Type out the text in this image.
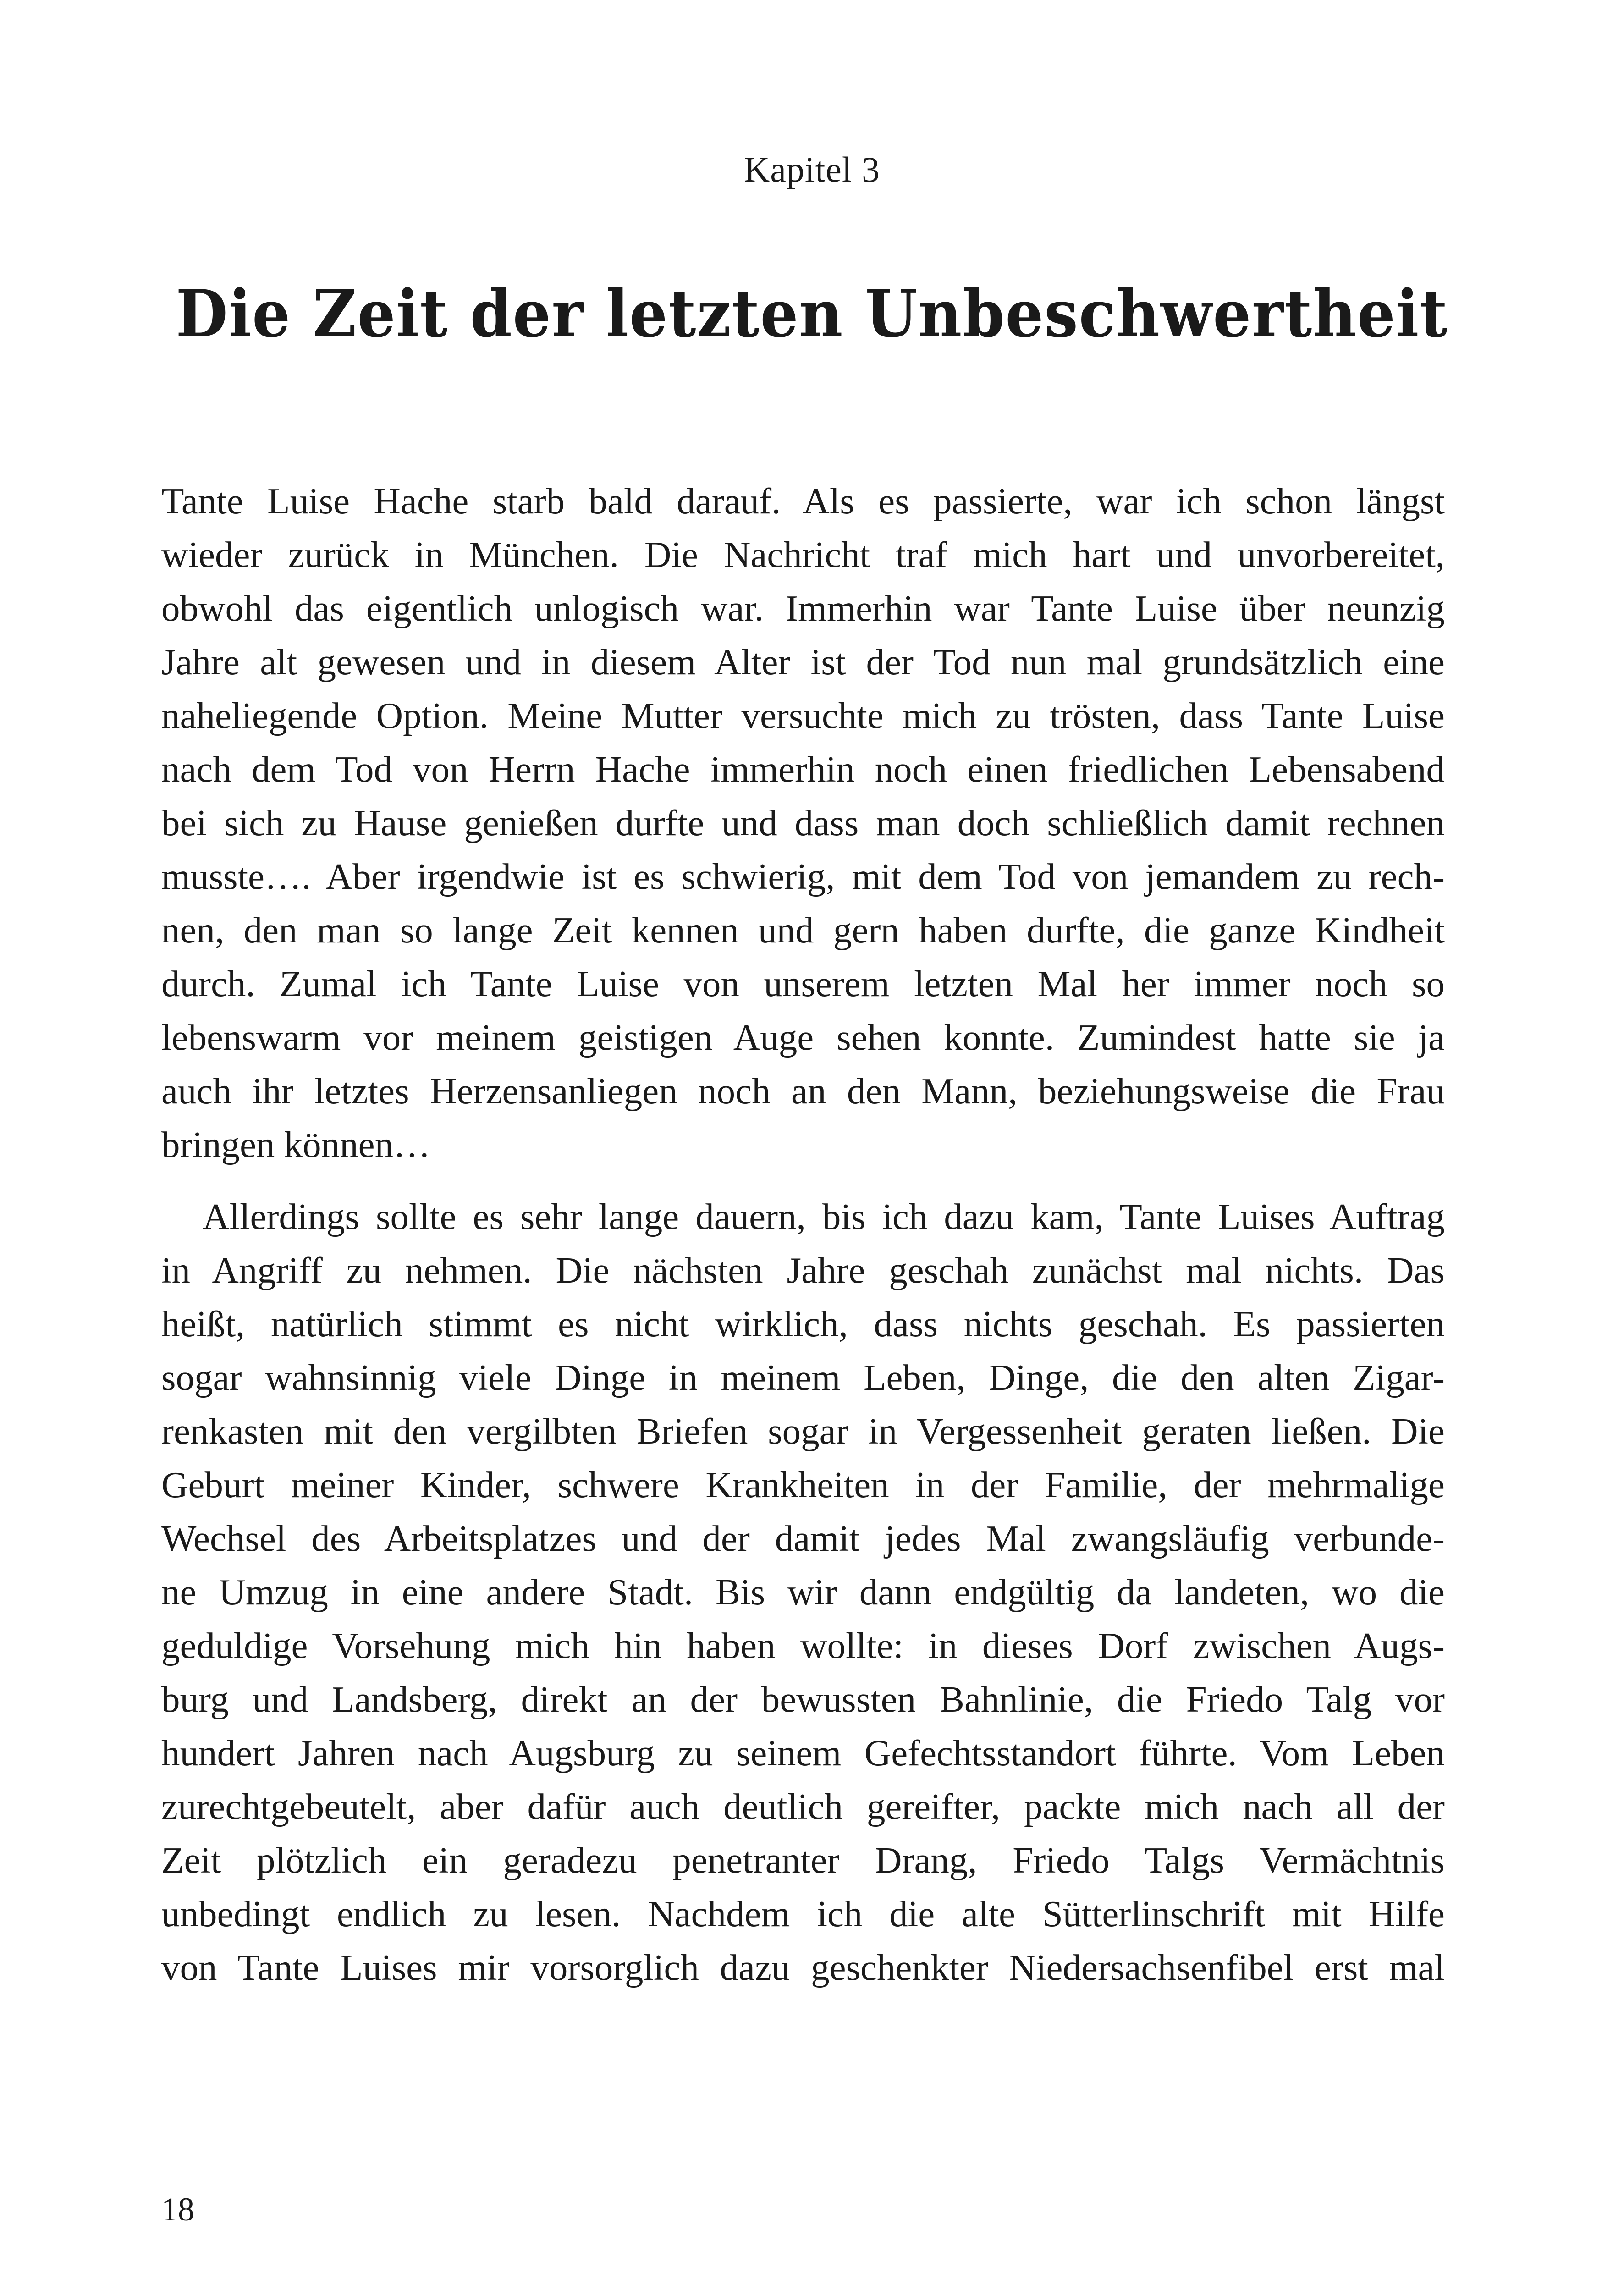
Kapitel 3
Die Zeit der letzten Unbeschwertheit

Tante Luise Hache starb bald darauf. Als es passierte, war ich schon längst
wieder zurück in München. Die Nachricht traf mich hart und unvorbereitet,
obwohl das eigentlich unlogisch war. Immerhin war Tante Luise über neunzig
Jahre alt gewesen und in diesem Alter ist der Tod nun mal grundsätzlich eine
naheliegende Option. Meine Mutter versuchte mich zu trösten, dass Tante Luise
nach dem Tod von Herrn Hache immerhin noch einen friedlichen Lebensabend
bei sich zu Hause genießen durfte und dass man doch schließlich damit rechnen
musste…. Aber irgendwie ist es schwierig, mit dem Tod von jemandem zu rech-
nen, den man so lange Zeit kennen und gern haben durfte, die ganze Kindheit
durch. Zumal ich Tante Luise von unserem letzten Mal her immer noch so
lebenswarm vor meinem geistigen Auge sehen konnte. Zumindest hatte sie ja
auch ihr letztes Herzensanliegen noch an den Mann, beziehungsweise die Frau
bringen können…

Allerdings sollte es sehr lange dauern, bis ich dazu kam, Tante Luises Auftrag
in Angriff zu nehmen. Die nächsten Jahre geschah zunächst mal nichts. Das
heißt, natürlich stimmt es nicht wirklich, dass nichts geschah. Es passierten
sogar wahnsinnig viele Dinge in meinem Leben, Dinge, die den alten Zigar-
renkasten mit den vergilbten Briefen sogar in Vergessenheit geraten ließen. Die
Geburt meiner Kinder, schwere Krankheiten in der Familie, der mehrmalige
Wechsel des Arbeitsplatzes und der damit jedes Mal zwangsläufig verbunde-
ne Umzug in eine andere Stadt. Bis wir dann endgültig da landeten, wo die
geduldige Vorsehung mich hin haben wollte: in dieses Dorf zwischen Augs-
burg und Landsberg, direkt an der bewussten Bahnlinie, die Friedo Talg vor
hundert Jahren nach Augsburg zu seinem Gefechtsstandort führte. Vom Leben
zurechtgebeutelt, aber dafür auch deutlich gereifter, packte mich nach all der
Zeit plötzlich ein geradezu penetranter Drang, Friedo Talgs Vermächtnis
unbedingt endlich zu lesen. Nachdem ich die alte Sütterlinschrift mit Hilfe
von Tante Luises mir vorsorglich dazu geschenkter Niedersachsenfibel erst mal

18
